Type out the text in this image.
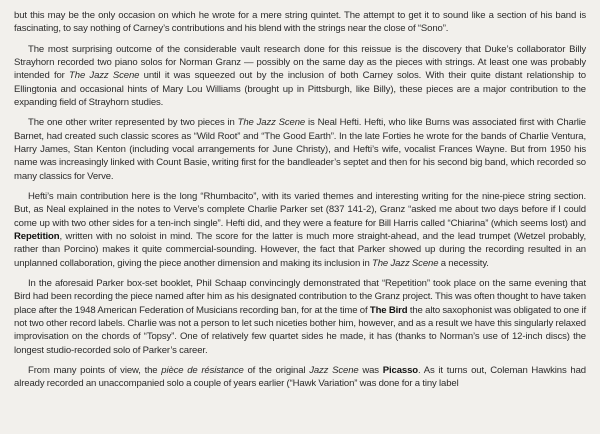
but this may be the only occasion on which he wrote for a mere string quintet. The attempt to get it to sound like a section of his band is fascinating, to say nothing of Carney’s contributions and his blend with the strings near the close of “Sono”.

The most surprising outcome of the considerable vault research done for this reissue is the discovery that Duke’s collaborator Billy Strayhorn recorded two piano solos for Norman Granz — possibly on the same day as the pieces with strings. At least one was probably intended for The Jazz Scene until it was squeezed out by the inclusion of both Carney solos. With their quite distant relationship to Ellingtonia and occasional hints of Mary Lou Williams (brought up in Pittsburgh, like Billy), these pieces are a major contribution to the expanding field of Strayhorn studies.

The one other writer represented by two pieces in The Jazz Scene is Neal Hefti. Hefti, who like Burns was associated first with Charlie Barnet, had created such classic scores as “Wild Root” and “The Good Earth”. In the late Forties he wrote for the bands of Charlie Ventura, Harry James, Stan Kenton (including vocal arrangements for June Christy), and Hefti’s wife, vocalist Frances Wayne. But from 1950 his name was increasingly linked with Count Basie, writing first for the bandleader’s septet and then for his second big band, which recorded so many classics for Verve.

Hefti’s main contribution here is the long “Rhumbacito”, with its varied themes and interesting writing for the nine-piece string section. But, as Neal explained in the notes to Verve’s complete Charlie Parker set (837 141-2), Granz “asked me about two days before if I could come up with two other sides for a ten-inch single”. Hefti did, and they were a feature for Bill Harris called “Chiarina” (which seems lost) and Repetition, written with no soloist in mind. The score for the latter is much more straight-ahead, and the lead trumpet (Wetzel probably, rather than Porcino) makes it quite commercial-sounding. However, the fact that Parker showed up during the recording resulted in an unplanned collaboration, giving the piece another dimension and making its inclusion in The Jazz Scene a necessity.

In the aforesaid Parker box-set booklet, Phil Schaap convincingly demonstrated that “Repetition” took place on the same evening that Bird had been recording the piece named after him as his designated contribution to the Granz project. This was often thought to have taken place after the 1948 American Federation of Musicians recording ban, for at the time of The Bird the alto saxophonist was obligated to one if not two other record labels. Charlie was not a person to let such niceties bother him, however, and as a result we have this singularly relaxed improvisation on the chords of “Topsy”. One of relatively few quartet sides he made, it has (thanks to Norman’s use of 12-inch discs) the longest studio-recorded solo of Parker’s career.

From many points of view, the pièce de résistance of the original Jazz Scene was Picasso. As it turns out, Coleman Hawkins had already recorded an unaccompanied solo a couple of years earlier (“Hawk Variation” was done for a tiny label
